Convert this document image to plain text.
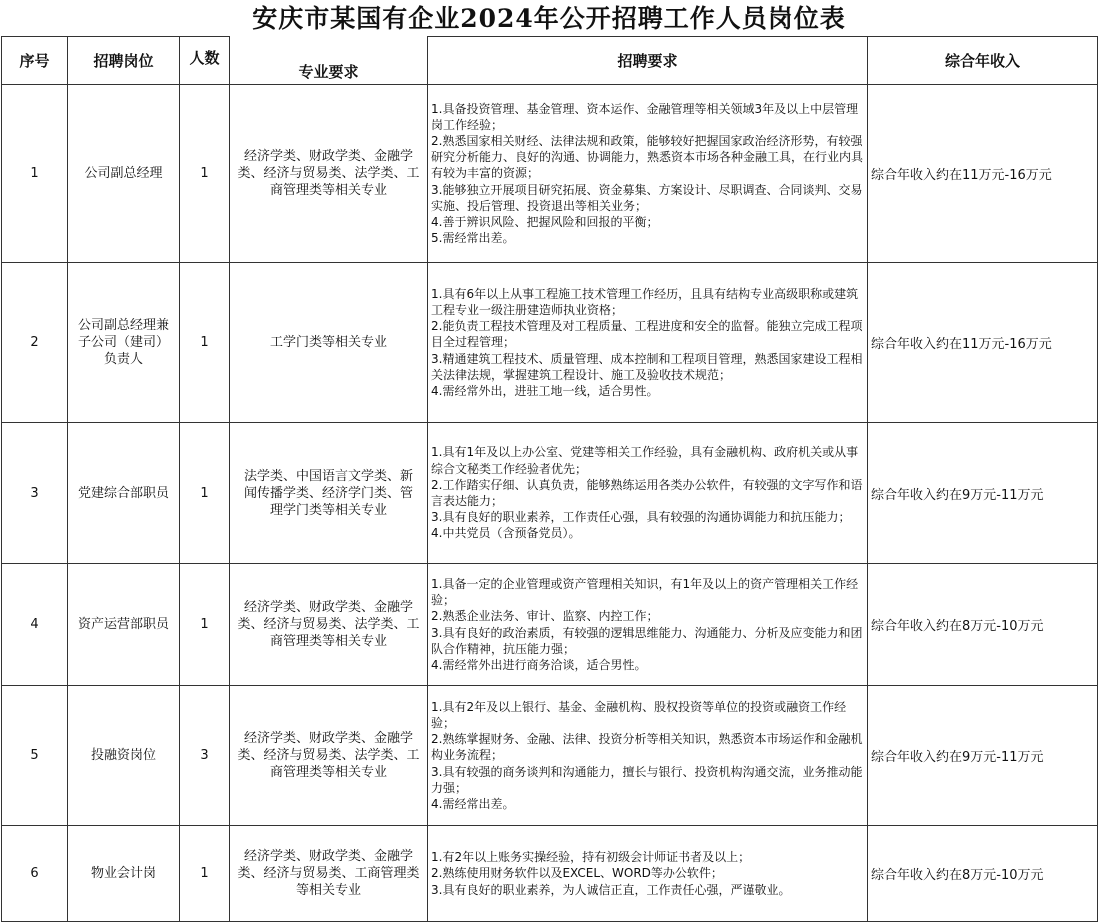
安庆市某国有企业2024年公开招聘工作人员岗位表
序号	招聘岗位	人数	专业要求	招聘要求	综合年收入
1	公司副总经理	1	经济学类、财政学类、金融学类、经济与贸易类、法学类、工商管理类等相关专业	1.具备投资管理、基金管理、资本运作、金融管理等相关领域3年及以上中层管理岗工作经验；
2.熟悉国家相关财经、法律法规和政策，能够较好把握国家政治经济形势，有较强研究分析能力、良好的沟通、协调能力，熟悉资本市场各种金融工具，在行业内具有较为丰富的资源；
3.能够独立开展项目研究拓展、资金募集、方案设计、尽职调查、合同谈判、交易实施、投后管理、投资退出等相关业务；
4.善于辨识风险、把握风险和回报的平衡；
5.需经常出差。	综合年收入约在11万元-16万元
2	公司副总经理兼子公司（建司）负责人	1	工学门类等相关专业	1.具有6年以上从事工程施工技术管理工作经历，且具有结构专业高级职称或建筑工程专业一级注册建造师执业资格；
2.能负责工程技术管理及对工程质量、工程进度和安全的监督。能独立完成工程项目全过程管理；
3.精通建筑工程技术、质量管理、成本控制和工程项目管理，熟悉国家建设工程相关法律法规，掌握建筑工程设计、施工及验收技术规范；
4.需经常外出，进驻工地一线，适合男性。	综合年收入约在11万元-16万元
3	党建综合部职员	1	法学类、中国语言文学类、新闻传播学类、经济学门类、管理学门类等相关专业	1.具有1年及以上办公室、党建等相关工作经验，具有金融机构、政府机关或从事综合文秘类工作经验者优先；
2.工作踏实仔细、认真负责，能够熟练运用各类办公软件，有较强的文字写作和语言表达能力；
3.具有良好的职业素养，工作责任心强，具有较强的沟通协调能力和抗压能力；
4.中共党员（含预备党员）。	综合年收入约在9万元-11万元
4	资产运营部职员	1	经济学类、财政学类、金融学类、经济与贸易类、法学类、工商管理类等相关专业	1.具备一定的企业管理或资产管理相关知识，有1年及以上的资产管理相关工作经验；
2.熟悉企业法务、审计、监察、内控工作；
3.具有良好的政治素质，有较强的逻辑思维能力、沟通能力、分析及应变能力和团队合作精神，抗压能力强；
4.需经常外出进行商务洽谈，适合男性。	综合年收入约在8万元-10万元
5	投融资岗位	3	经济学类、财政学类、金融学类、经济与贸易类、法学类、工商管理类等相关专业	1.具有2年及以上银行、基金、金融机构、股权投资等单位的投资或融资工作经验；
2.熟练掌握财务、金融、法律、投资分析等相关知识，熟悉资本市场运作和金融机构业务流程；
3.具有较强的商务谈判和沟通能力，擅长与银行、投资机构沟通交流，业务推动能力强；
4.需经常出差。	综合年收入约在9万元-11万元
6	物业会计岗	1	经济学类、财政学类、金融学类、经济与贸易类、工商管理类等相关专业	1.有2年以上账务实操经验，持有初级会计师证书者及以上；
2.熟练使用财务软件以及EXCEL、WORD等办公软件；
3.具有良好的职业素养，为人诚信正直，工作责任心强，严谨敬业。	综合年收入约在8万元-10万元
